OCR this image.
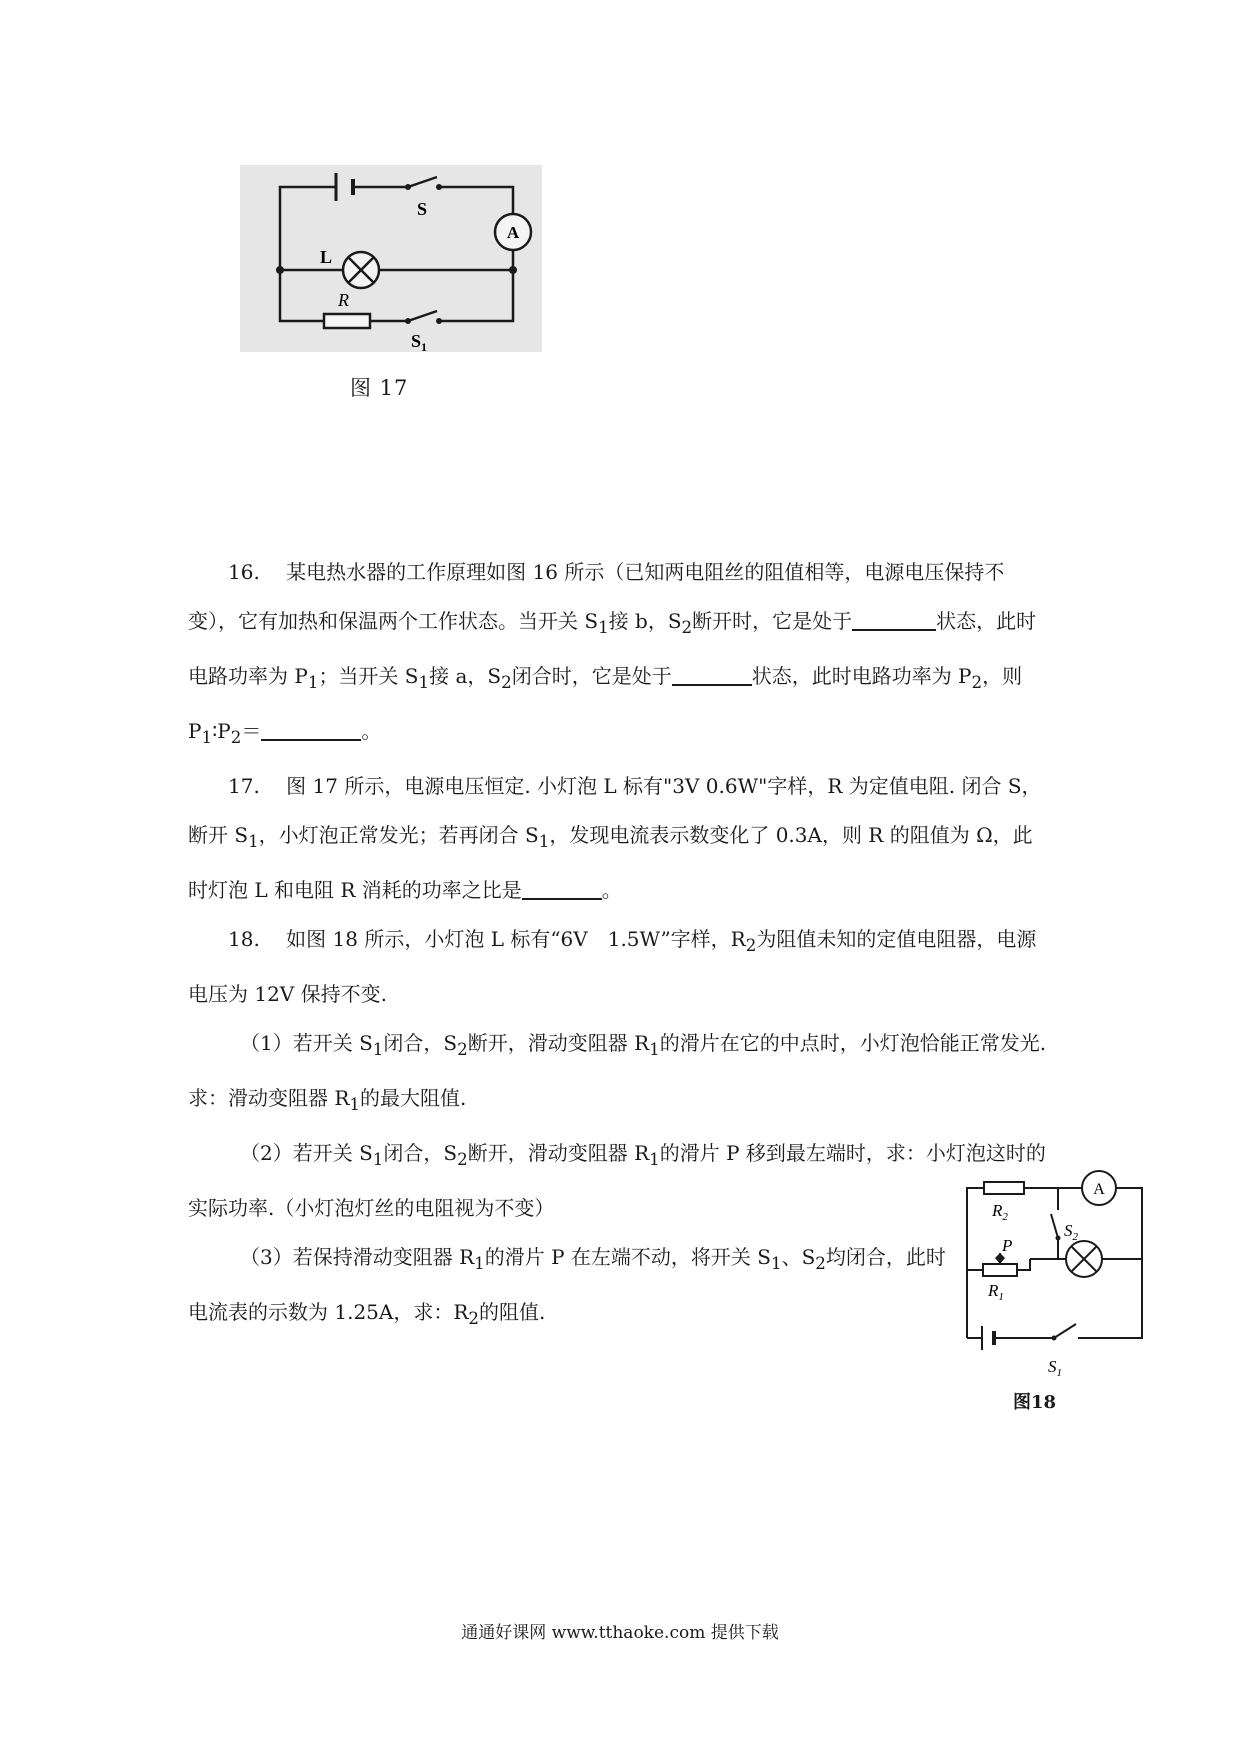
S
A
L
R
$S_1$
图 17

16.　 某电热水器的工作原理如图 16 所示（已知两电阻丝的阻值相等，电源电压保持不变），它有加热和保温两个工作状态。当开关 $S_1$接 b，$S_2$断开时，它是处于	状态，此时电路功率为 $P_1$；当开关 $S_1$接 a，$S_2$闭合时，它是处于	状态，此时电路功率为 $P_2$，则 $P_1∶P_2=$	。

17.　 图 17 所示，电源电压恒定. 小灯泡 L 标有"3V 0.6W"字样，R 为定值电阻. 闭合 S，断开 $S_1$，小灯泡正常发光；若再闭合 $S_1$，发现电流表示数变化了 0.3A，则 R 的阻值为 Ω，此时灯泡 L 和电阻 R 消耗的功率之比是	。

18.　 如图 18 所示，小灯泡 L 标有“6V　1.5W”字样，$R_2$为阻值未知的定值电阻器，电源电压为 12V 保持不变.

（1）若开关 $S_1$闭合，$S_2$断开，滑动变阻器 $R_1$的滑片在它的中点时，小灯泡恰能正常发光. 求：滑动变阻器 $R_1$的最大阻值.

（2）若开关 $S_1$闭合，$S_2$断开，滑动变阻器 $R_1$的滑片 P 移到最左端时，求：小灯泡这时的实际功率.（小灯泡灯丝的电阻视为不变）

（3）若保持滑动变阻器 $R_1$的滑片 P 在左端不动，将开关 $S_1$、$S_2$均闭合，此时电流表的示数为 1.25A，求：$R_2$的阻值.

$S_1$
$R_2$
A
$S_2$
P
$R_1$
图18
通通好课网 www.tthaoke.com 提供下载
